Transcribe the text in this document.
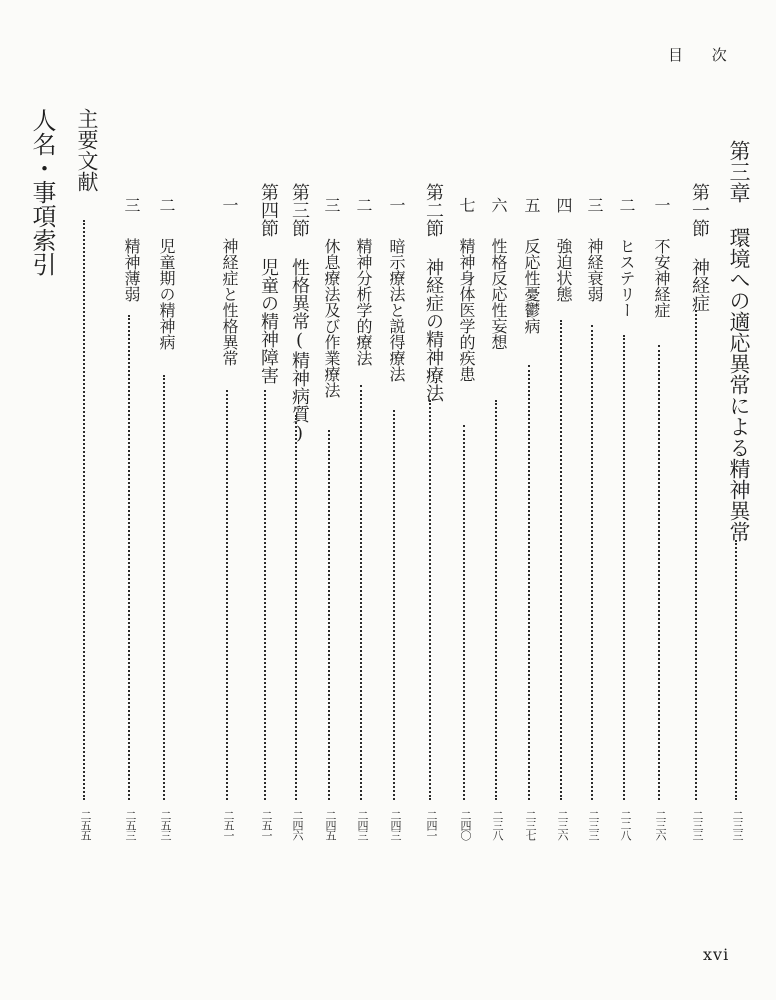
目 次
第三章 環境への適応異常による精神異常
二三三
第一節 神経症
二三三
一
不安神経症
二三六
二
ヒステリー
二二八
三
神経衰弱
二三三
四
強迫状態
二三六
五
反応性憂鬱病
二三七
六
性格反応性妄想
二三八
七
精神身体医学的疾患
二四〇
第二節 神経症の精神療法
二四一
一
暗示療法と説得療法
二四三
二
精神分析学的療法
二四三
三
休息療法及び作業療法
二四五
第三節 性格異常(精神病質)
二四六
第四節 児童の精神障害
二五一
一
神経症と性格異常
二五一
二
児童期の精神病
二五三
三
精神薄弱
二五三
主要文献
二五五
人名・事項索引
xvi
